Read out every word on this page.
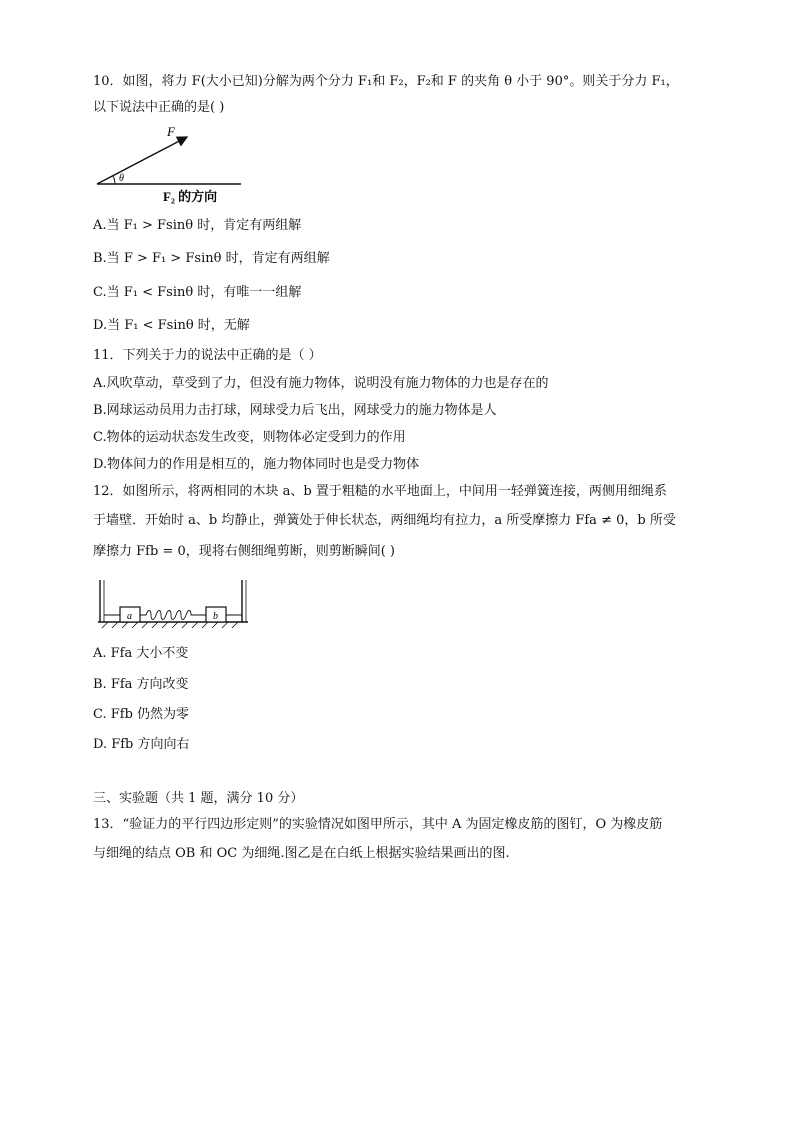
10．如图，将力 F(大小已知)分解为两个分力 F₁和 F₂，F₂和 F 的夹角 θ 小于 90°。则关于分力 F₁，
以下说法中正确的是( )
F
θ
F₂ 的方向
A.当 F₁ > Fsinθ 时，肯定有两组解
B.当 F > F₁ > Fsinθ 时，肯定有两组解
C.当 F₁ < Fsinθ 时，有唯一一组解
D.当 F₁ < Fsinθ 时，无解
11．下列关于力的说法中正确的是（ ）
A.风吹草动，草受到了力，但没有施力物体，说明没有施力物体的力也是存在的
B.网球运动员用力击打球，网球受力后飞出，网球受力的施力物体是人
C.物体的运动状态发生改变，则物体必定受到力的作用
D.物体间力的作用是相互的，施力物体同时也是受力物体
12．如图所示，将两相同的木块 a、b 置于粗糙的水平地面上，中间用一轻弹簧连接，两侧用细绳系
于墙壁．开始时 a、b 均静止，弹簧处于伸长状态，两细绳均有拉力，a 所受摩擦力 Ffa ≠ 0，b 所受
摩擦力 Ffb = 0，现将右侧细绳剪断，则剪断瞬间( )
a	b
A. Ffa 大小不变
B. Ffa 方向改变
C. Ffb 仍然为零
D. Ffb 方向向右
三、实验题（共 1 题，满分 10 分）
13．“验证力的平行四边形定则”的实验情况如图甲所示，其中 A 为固定橡皮筋的图钉，O 为橡皮筋
与细绳的结点 OB 和 OC 为细绳.图乙是在白纸上根据实验结果画出的图.
